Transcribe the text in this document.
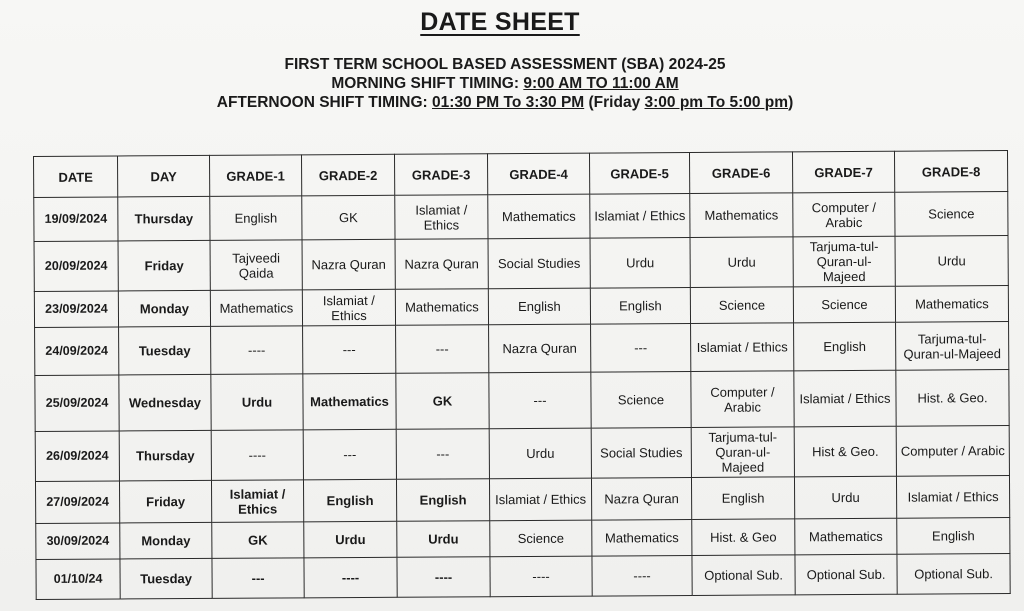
DATE SHEET
FIRST TERM SCHOOL BASED ASSESSMENT (SBA) 2024-25
MORNING SHIFT TIMING: 9:00 AM TO 11:00 AM
AFTERNOON SHIFT TIMING: 01:30 PM To 3:30 PM (Friday 3:00 pm To 5:00 pm)
DATE	DAY	GRADE-1	GRADE-2	GRADE-3	GRADE-4	GRADE-5	GRADE-6	GRADE-7	GRADE-8
19/09/2024	Thursday	English	GK	Islamiat / Ethics	Mathematics	Islamiat / Ethics	Mathematics	Computer / Arabic	Science
20/09/2024	Friday	Tajveedi Qaida	Nazra Quran	Nazra Quran	Social Studies	Urdu	Urdu	Tarjuma-tul-Quran-ul-Majeed	Urdu
23/09/2024	Monday	Mathematics	Islamiat / Ethics	Mathematics	English	English	Science	Science	Mathematics
24/09/2024	Tuesday	----	---	---	Nazra Quran	---	Islamiat / Ethics	English	Tarjuma-tul-Quran-ul-Majeed
25/09/2024	Wednesday	Urdu	Mathematics	GK	---	Science	Computer / Arabic	Islamiat / Ethics	Hist. & Geo.
26/09/2024	Thursday	----	---	---	Urdu	Social Studies	Tarjuma-tul-Quran-ul-Majeed	Hist & Geo.	Computer / Arabic
27/09/2024	Friday	Islamiat / Ethics	English	English	Islamiat / Ethics	Nazra Quran	English	Urdu	Islamiat / Ethics
30/09/2024	Monday	GK	Urdu	Urdu	Science	Mathematics	Hist. & Geo	Mathematics	English
01/10/24	Tuesday	---	----	----	----	----	Optional Sub.	Optional Sub.	Optional Sub.
